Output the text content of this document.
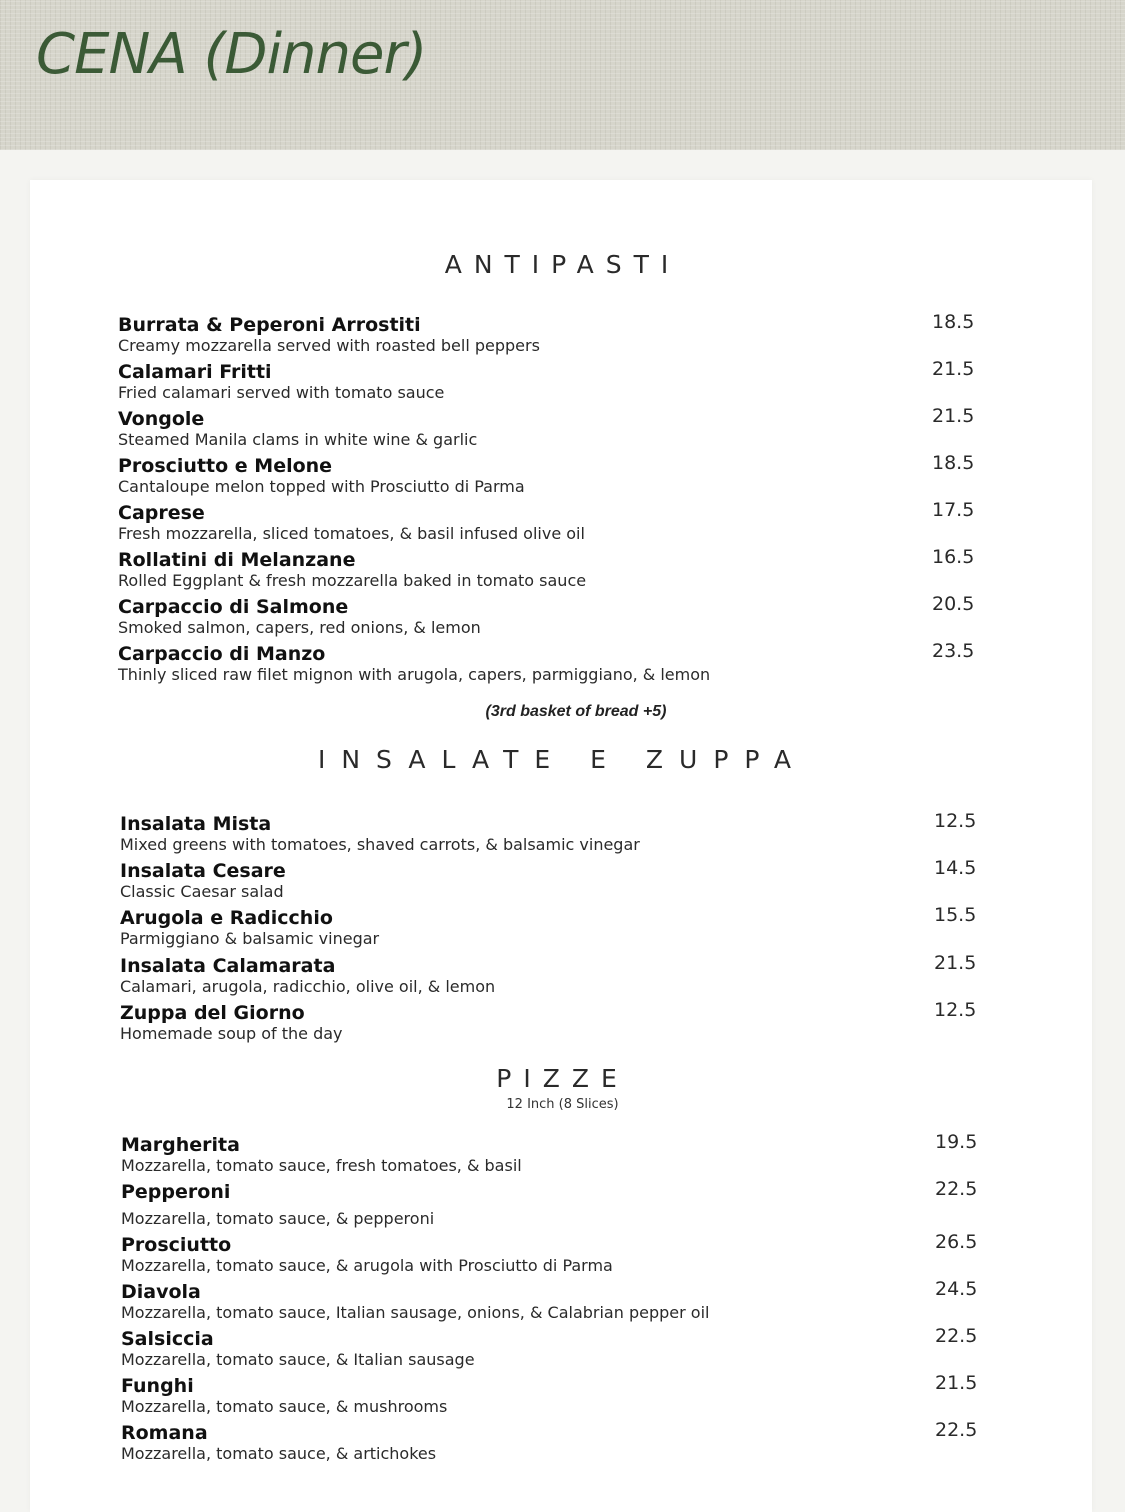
CENA (Dinner)
ANTIPASTI
Burrata & Peperoni Arrostiti
Creamy mozzarella served with roasted bell peppers
18.5
Calamari Fritti
Fried calamari served with tomato sauce
21.5
Vongole
Steamed Manila clams in white wine & garlic
21.5
Prosciutto e Melone
Cantaloupe melon topped with Prosciutto di Parma
18.5
Caprese
Fresh mozzarella, sliced tomatoes, & basil infused olive oil
17.5
Rollatini di Melanzane
Rolled Eggplant & fresh mozzarella baked in tomato sauce
16.5
Carpaccio di Salmone
Smoked salmon, capers, red onions, & lemon
20.5
Carpaccio di Manzo
Thinly sliced raw filet mignon with arugola, capers, parmiggiano, & lemon
23.5
(3rd basket of bread +5)
INSALATE E ZUPPA
Insalata Mista
Mixed greens with tomatoes, shaved carrots, & balsamic vinegar
12.5
Insalata Cesare
Classic Caesar salad
14.5
Arugola e Radicchio
Parmiggiano & balsamic vinegar
15.5
Insalata Calamarata
Calamari, arugola, radicchio, olive oil, & lemon
21.5
Zuppa del Giorno
Homemade soup of the day
12.5
PIZZE
12 Inch (8 Slices)
Margherita
Mozzarella, tomato sauce, fresh tomatoes, & basil
19.5
Pepperoni
Mozzarella, tomato sauce, & pepperoni
22.5
Prosciutto
Mozzarella, tomato sauce, & arugola with Prosciutto di Parma
26.5
Diavola
Mozzarella, tomato sauce, Italian sausage, onions, & Calabrian pepper oil
24.5
Salsiccia
Mozzarella, tomato sauce, & Italian sausage
22.5
Funghi
Mozzarella, tomato sauce, & mushrooms
21.5
Romana
Mozzarella, tomato sauce, & artichokes
22.5
